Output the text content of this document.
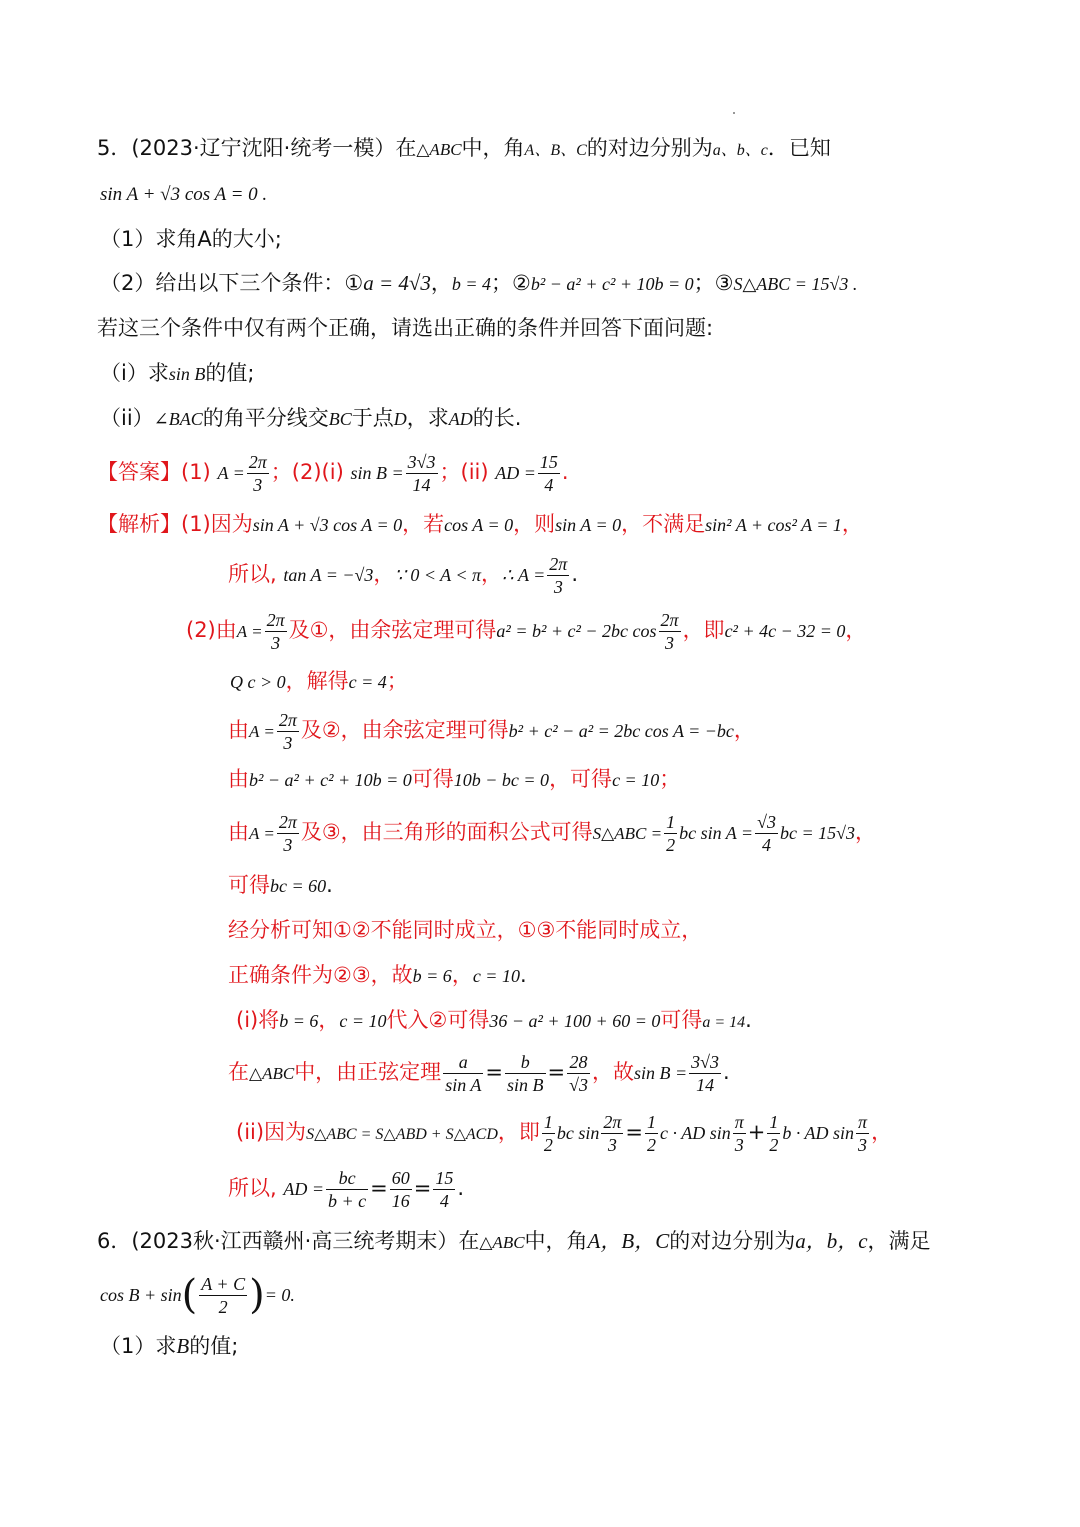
5．(2023·辽宁沈阳·统考一模）在△ABC中，角A、B、C的对边分别为a、b、c．已知
sin A + √3 cos A = 0 .
（1）求角A的大小;
（2）给出以下三个条件：①a = 4√3，b = 4；②b² − a² + c² + 10b = 0；③S△ABC = 15√3 .
若这三个条件中仅有两个正确，请选出正确的条件并回答下面问题:
（i）求sin B的值;
（ii）∠BAC的角平分线交BC于点D，求AD的长.
【答案】(1) $A = \frac{2\pi}{3}$ ；(2)(i) $\sin B = \frac{3√3}{14}$ ；(ii) AD = $\frac{15}{4}$ .
【解析】(1)因为sin A + √3 cos A = 0，若cos A = 0，则sin A = 0，不满足sin² A + cos² A = 1，
所以, tan A = −√3，∵ 0 < A < π，∴ $A = \frac{2\pi}{3}$ .
(2)由$A = \frac{2\pi}{3}$ 及①，由余弦定理可得a² = b² + c² − 2bc $\cos \frac{2\pi}{3}$ ，即c² + 4c − 32 = 0，
Q c > 0，解得c = 4；
由$A = \frac{2\pi}{3}$ 及②，由余弦定理可得b² + c² − a² = 2bc cos A = −bc，
由b² − a² + c² + 10b = 0可得10b − bc = 0，可得c = 10；
由$A = \frac{2\pi}{3}$ 及③，由三角形的面积公式可得S△ABC = $\frac{1}{2}$ bc $\sin A = \frac{√3}{4}$ bc = 15√3，
可得bc = 60.
经分析可知①②不能同时成立，①③不能同时成立，
正确条件为②③，故b = 6，c = 10.
(i)将b = 6，c = 10代入②可得36 − a² + 100 + 60 = 0可得a = 14.
在△ABC中，由正弦定理 $\frac{a}{\text{sin A}} = \frac{b}{\text{sin B}} = \frac{28}{√3}$ ，故$\sin B = \frac{3√3}{14}$ .
(ii)因为S△ABC = S△ABD + S△ACD，即 $\frac{1}{2}$ bc $\sin \frac{2\pi}{3} = \frac{1}{2}$ c · AD $\sin \frac{\pi}{3} + \frac{1}{2}$ b · AD $\sin \frac{\pi}{3}$ ，
所以, AD = $\frac{bc}{b + c} = \frac{60}{16} = \frac{15}{4}$ .
6．(2023秋·江西赣州·高三统考期末）在△ABC中，角A，B，C的对边分别为a，b，c，满足
$\cos B + \sin( \frac{A + C}{2}$ )= 0.
（1）求B的值;
